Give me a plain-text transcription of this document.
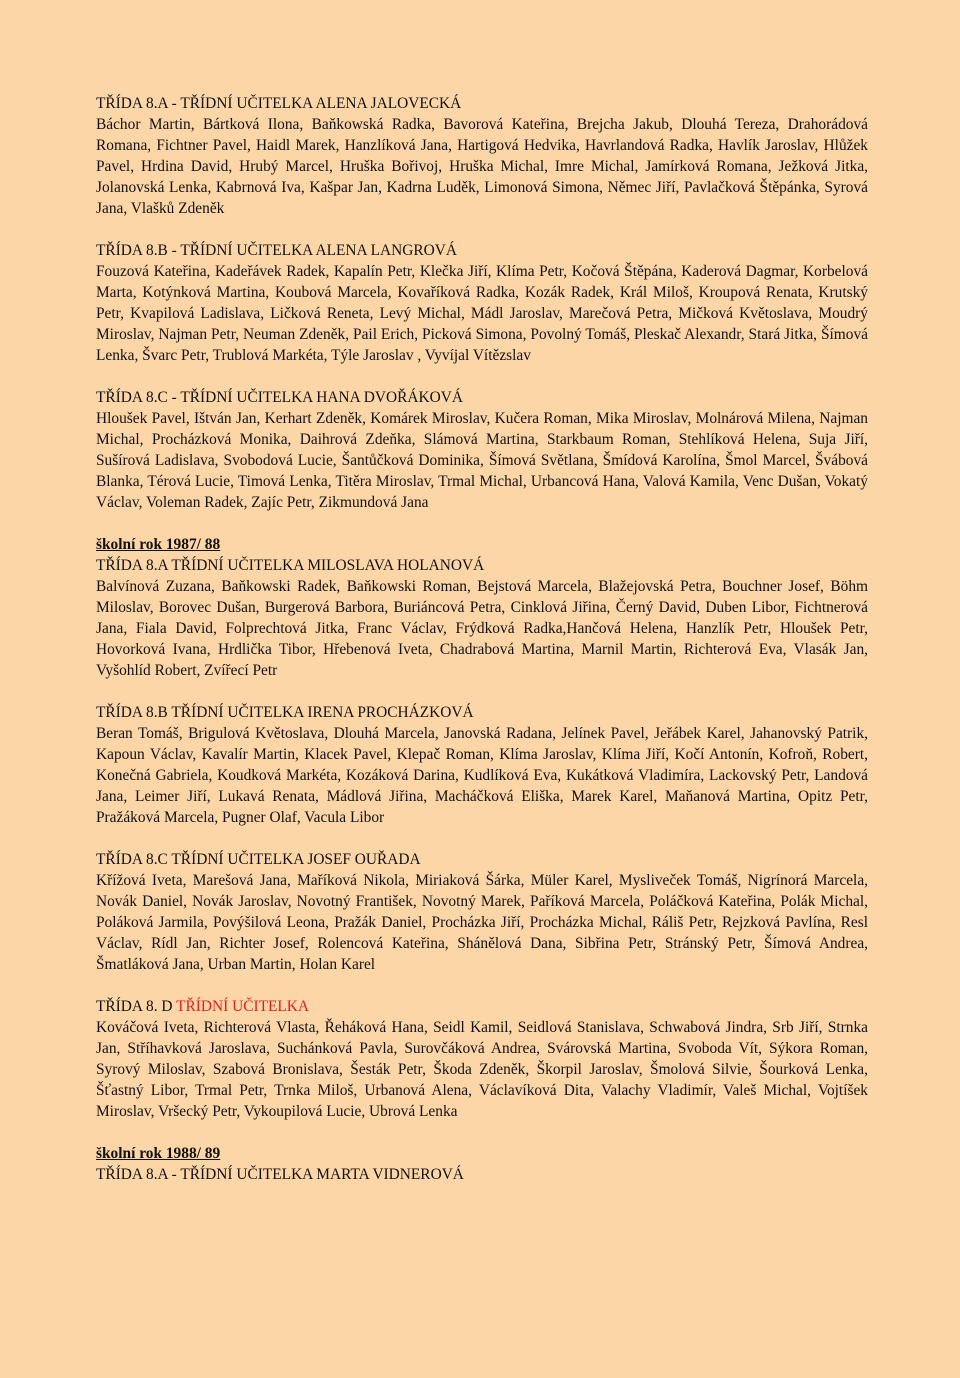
TŘÍDA 8.A - TŘÍDNÍ UČITELKA ALENA JALOVECKÁ

Báchor Martin, Bártková Ilona, Baňkowská Radka, Bavorová Kateřina, Brejcha Jakub, Dlouhá Tereza, Drahorádová Romana, Fichtner Pavel, Haidl Marek, Hanzlíková Jana, Hartigová Hedvika, Havrlandová Radka, Havlík Jaroslav, Hlůžek Pavel, Hrdina David, Hrubý Marcel, Hruška Bořivoj, Hruška Michal, Imre Michal, Jamírková Romana, Ježková Jitka, Jolanovská Lenka, Kabrnová Iva, Kašpar Jan, Kadrna Luděk, Limonová Simona, Němec Jiří, Pavlačková Štěpánka, Syrová Jana, Vlašků Zdeněk

TŘÍDA 8.B - TŘÍDNÍ UČITELKA ALENA LANGROVÁ

Fouzová Kateřina, Kadeřávek Radek, Kapalín Petr, Klečka Jiří, Klíma Petr, Kočová Štěpána, Kaderová Dagmar, Korbelová Marta, Kotýnková Martina, Koubová Marcela, Kovaříková Radka, Kozák Radek, Král Miloš, Kroupová Renata, Krutský Petr, Kvapilová Ladislava, Ličková Reneta, Levý Michal, Mádl Jaroslav, Marečová Petra, Mičková Květoslava, Moudrý Miroslav, Najman Petr, Neuman Zdeněk, Pail Erich, Picková Simona, Povolný Tomáš, Pleskač Alexandr, Stará Jitka, Šímová Lenka, Švarc Petr, Trublová Markéta, Týle Jaroslav , Vyvíjal Vítězslav

TŘÍDA 8.C - TŘÍDNÍ UČITELKA HANA DVOŘÁKOVÁ

Hloušek Pavel, Ištván Jan, Kerhart Zdeněk, Komárek Miroslav, Kučera Roman, Mika Miroslav, Molnárová Milena, Najman Michal, Procházková Monika, Daihrová Zdeňka, Slámová Martina, Starkbaum Roman, Stehlíková Helena, Suja Jiří, Sušírová Ladislava, Svobodová Lucie, Šantůčková Dominika, Šímová Světlana, Šmídová Karolína, Šmol Marcel, Švábová Blanka, Térová Lucie, Timová Lenka, Titěra Miroslav, Trmal Michal, Urbancová Hana, Valová Kamila, Venc Dušan, Vokatý Václav, Voleman Radek, Zajíc Petr, Zikmundová Jana

školní rok 1987/ 88

TŘÍDA 8.A TŘÍDNÍ UČITELKA MILOSLAVA HOLANOVÁ

Balvínová Zuzana, Baňkowski Radek, Baňkowski Roman, Bejstová Marcela, Blažejovská Petra, Bouchner Josef, Böhm Miloslav, Borovec Dušan, Burgerová Barbora, Buriáncová Petra, Cinklová Jiřina, Černý David, Duben Libor, Fichtnerová Jana, Fiala David, Folprechtová Jitka, Franc Václav, Frýdková Radka,Hančová Helena, Hanzlík Petr, Hloušek Petr, Hovorková Ivana, Hrdlička Tibor, Hřebenová Iveta, Chadrabová Martina, Marnil Martin, Richterová Eva, Vlasák Jan, Vyšohlíd Robert, Zvířecí Petr

TŘÍDA 8.B TŘÍDNÍ UČITELKA IRENA PROCHÁZKOVÁ

Beran Tomáš, Brigulová Květoslava, Dlouhá Marcela, Janovská Radana, Jelínek Pavel, Jeřábek Karel, Jahanovský Patrik, Kapoun Václav, Kavalír Martin, Klacek Pavel, Klepač Roman, Klíma Jaroslav, Klíma Jiří, Kočí Antonín, Kofroň, Robert, Konečná Gabriela, Koudková Markéta, Kozáková Darina, Kudlíková Eva, Kukátková Vladimíra, Lackovský Petr, Landová Jana, Leimer Jiří, Lukavá Renata, Mádlová Jiřina, Macháčková Eliška, Marek Karel, Maňanová Martina, Opitz Petr, Pražáková Marcela, Pugner Olaf, Vacula Libor

TŘÍDA 8.C TŘÍDNÍ UČITELKA JOSEF OUŘADA

Křížová Iveta, Marešová Jana, Maříková Nikola, Miriaková Šárka, Müler Karel, Mysliveček Tomáš, Nigrínorá Marcela, Novák Daniel, Novák Jaroslav, Novotný František, Novotný Marek, Paříková Marcela, Poláčková Kateřina, Polák Michal, Poláková Jarmila, Povýšilová Leona, Pražák Daniel, Procházka Jiří, Procházka Michal, Ráliš Petr, Rejzková Pavlína, Resl Václav, Rídl Jan, Richter Josef, Rolencová Kateřina, Shánělová Dana, Sibřina Petr, Stránský Petr, Šímová Andrea, Šmatláková Jana, Urban Martin, Holan Karel

TŘÍDA 8. D TŘÍDNÍ UČITELKA

Kováčová Iveta, Richterová Vlasta, Řeháková Hana, Seidl Kamil, Seidlová Stanislava, Schwabová Jindra, Srb Jiří, Strnka Jan, Stříhavková Jaroslava, Suchánková Pavla, Surovčáková Andrea, Svárovská Martina, Svoboda Vít, Sýkora Roman, Syrový Miloslav, Szabová Bronislava, Šesták Petr, Škoda Zdeněk, Škorpil Jaroslav, Šmolová Silvie, Šourková Lenka, Šťastný Libor, Trmal Petr, Trnka Miloš, Urbanová Alena, Václavíková Dita, Valachy Vladimír, Valeš Michal, Vojtíšek Miroslav, Vršecký Petr, Vykoupilová Lucie, Ubrová Lenka

školní rok 1988/ 89

TŘÍDA 8.A - TŘÍDNÍ UČITELKA MARTA VIDNEROVÁ
